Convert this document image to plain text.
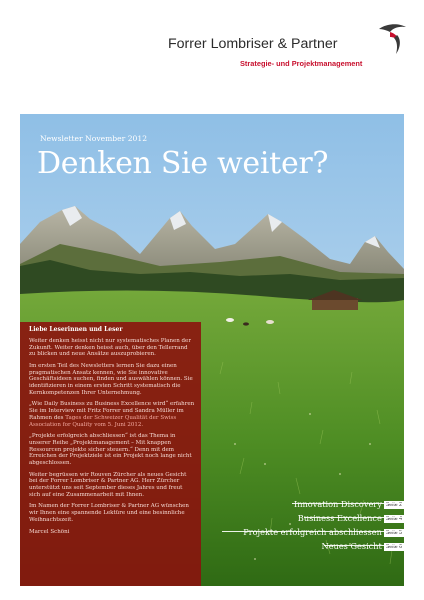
Forrer Lombriser & Partner
Strategie- und Projektmanagement
Newsletter November 2012
Denken Sie weiter?
Liebe Leserinnen und Leser

Weiter denken heisst nicht nur systematisches Planen der Zukunft. Weiter denken heisst auch, über den Tellerrand zu blicken und neue Ansätze auszuprobieren.

Im ersten Teil des Newsletters lernen Sie dazu einen pragmatischen Ansatz kennen, wie Sie innovative Geschäftsideen suchen, finden und auswählen können. Sie identifizieren in einem ersten Schritt systematisch die Kernkompetenzen Ihrer Unternehmung.

„Wie Daily Business zu Business Excellence wird“ erfahren Sie im Interview mit Fritz Forrer und Sandra Müller im Rahmen des Tages der Schweizer Qualität der Swiss Association for Quality vom 5. Juni 2012.

„Projekte erfolgreich abschliessen“ ist das Thema in unserer Reihe „Projektmanagement – Mit knappen Ressourcen projekte sicher steuern.“ Denn mit dem Erreichen der Projektziele ist ein Projekt noch lange nicht abgeschlossen.

Weiter begrüssen wir Rouven Zürcher als neues Gesicht bei der Forrer Lombriser & Partner AG. Herr Zürcher unterstützt uns seit September dieses Jahres und freut sich auf eine Zusammenarbeit mit Ihnen.

Im Namen der Forrer Lombriser & Partner AG wünschen wir Ihnen eine spannende Lektüre und eine besinnliche Weihnachtszeit.

Marcel Schöni

Innovation Discovery Seite 2
Business Excellence Seite 4
Projekte erfolgreich abschliessen Seite 5
Neues Gesicht Seite 6
